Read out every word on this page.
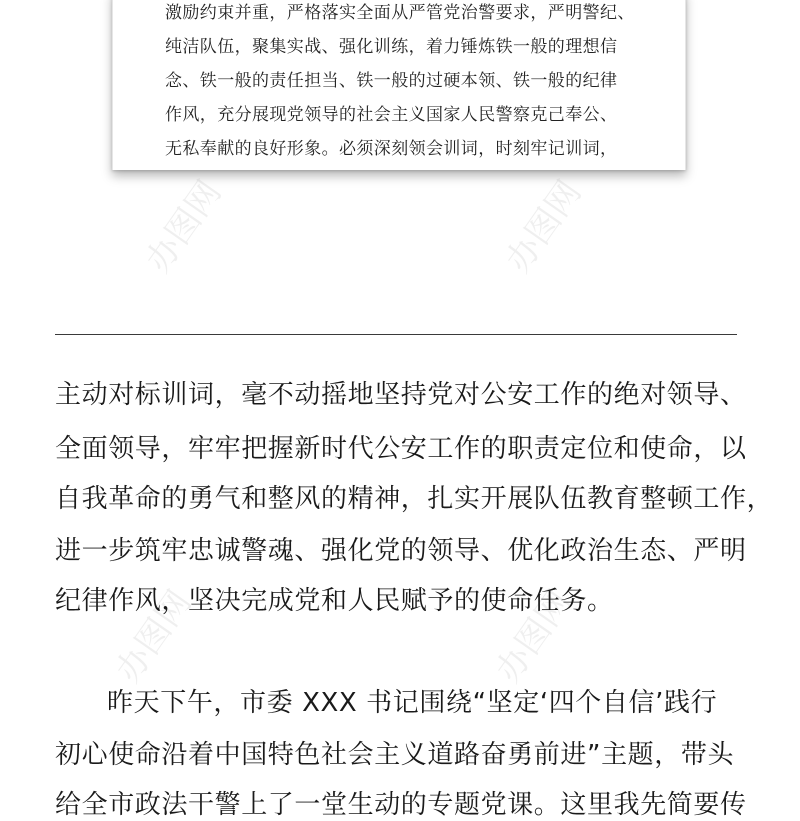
激励约束并重，严格落实全面从严管党治警要求，严明警纪、
纯洁队伍，聚集实战、强化训练，着力锤炼铁一般的理想信
念、铁一般的责任担当、铁一般的过硬本领、铁一般的纪律
作风，充分展现党领导的社会主义国家人民警察克己奉公、
无私奉献的良好形象。必须深刻领会训词，时刻牢记训词，
办图网	办图网
办图网	办图网
主动对标训词，毫不动摇地坚持党对公安工作的绝对领导、
全面领导，牢牢把握新时代公安工作的职责定位和使命，以
自我革命的勇气和整风的精神，扎实开展队伍教育整顿工作，
进一步筑牢忠诚警魂、强化党的领导、优化政治生态、严明
纪律作风，坚决完成党和人民赋予的使命任务。
昨天下午，市委 XXX 书记围绕“坚定‘四个自信’践行
初心使命沿着中国特色社会主义道路奋勇前进”主题，带头
给全市政法干警上了一堂生动的专题党课。这里我先简要传
